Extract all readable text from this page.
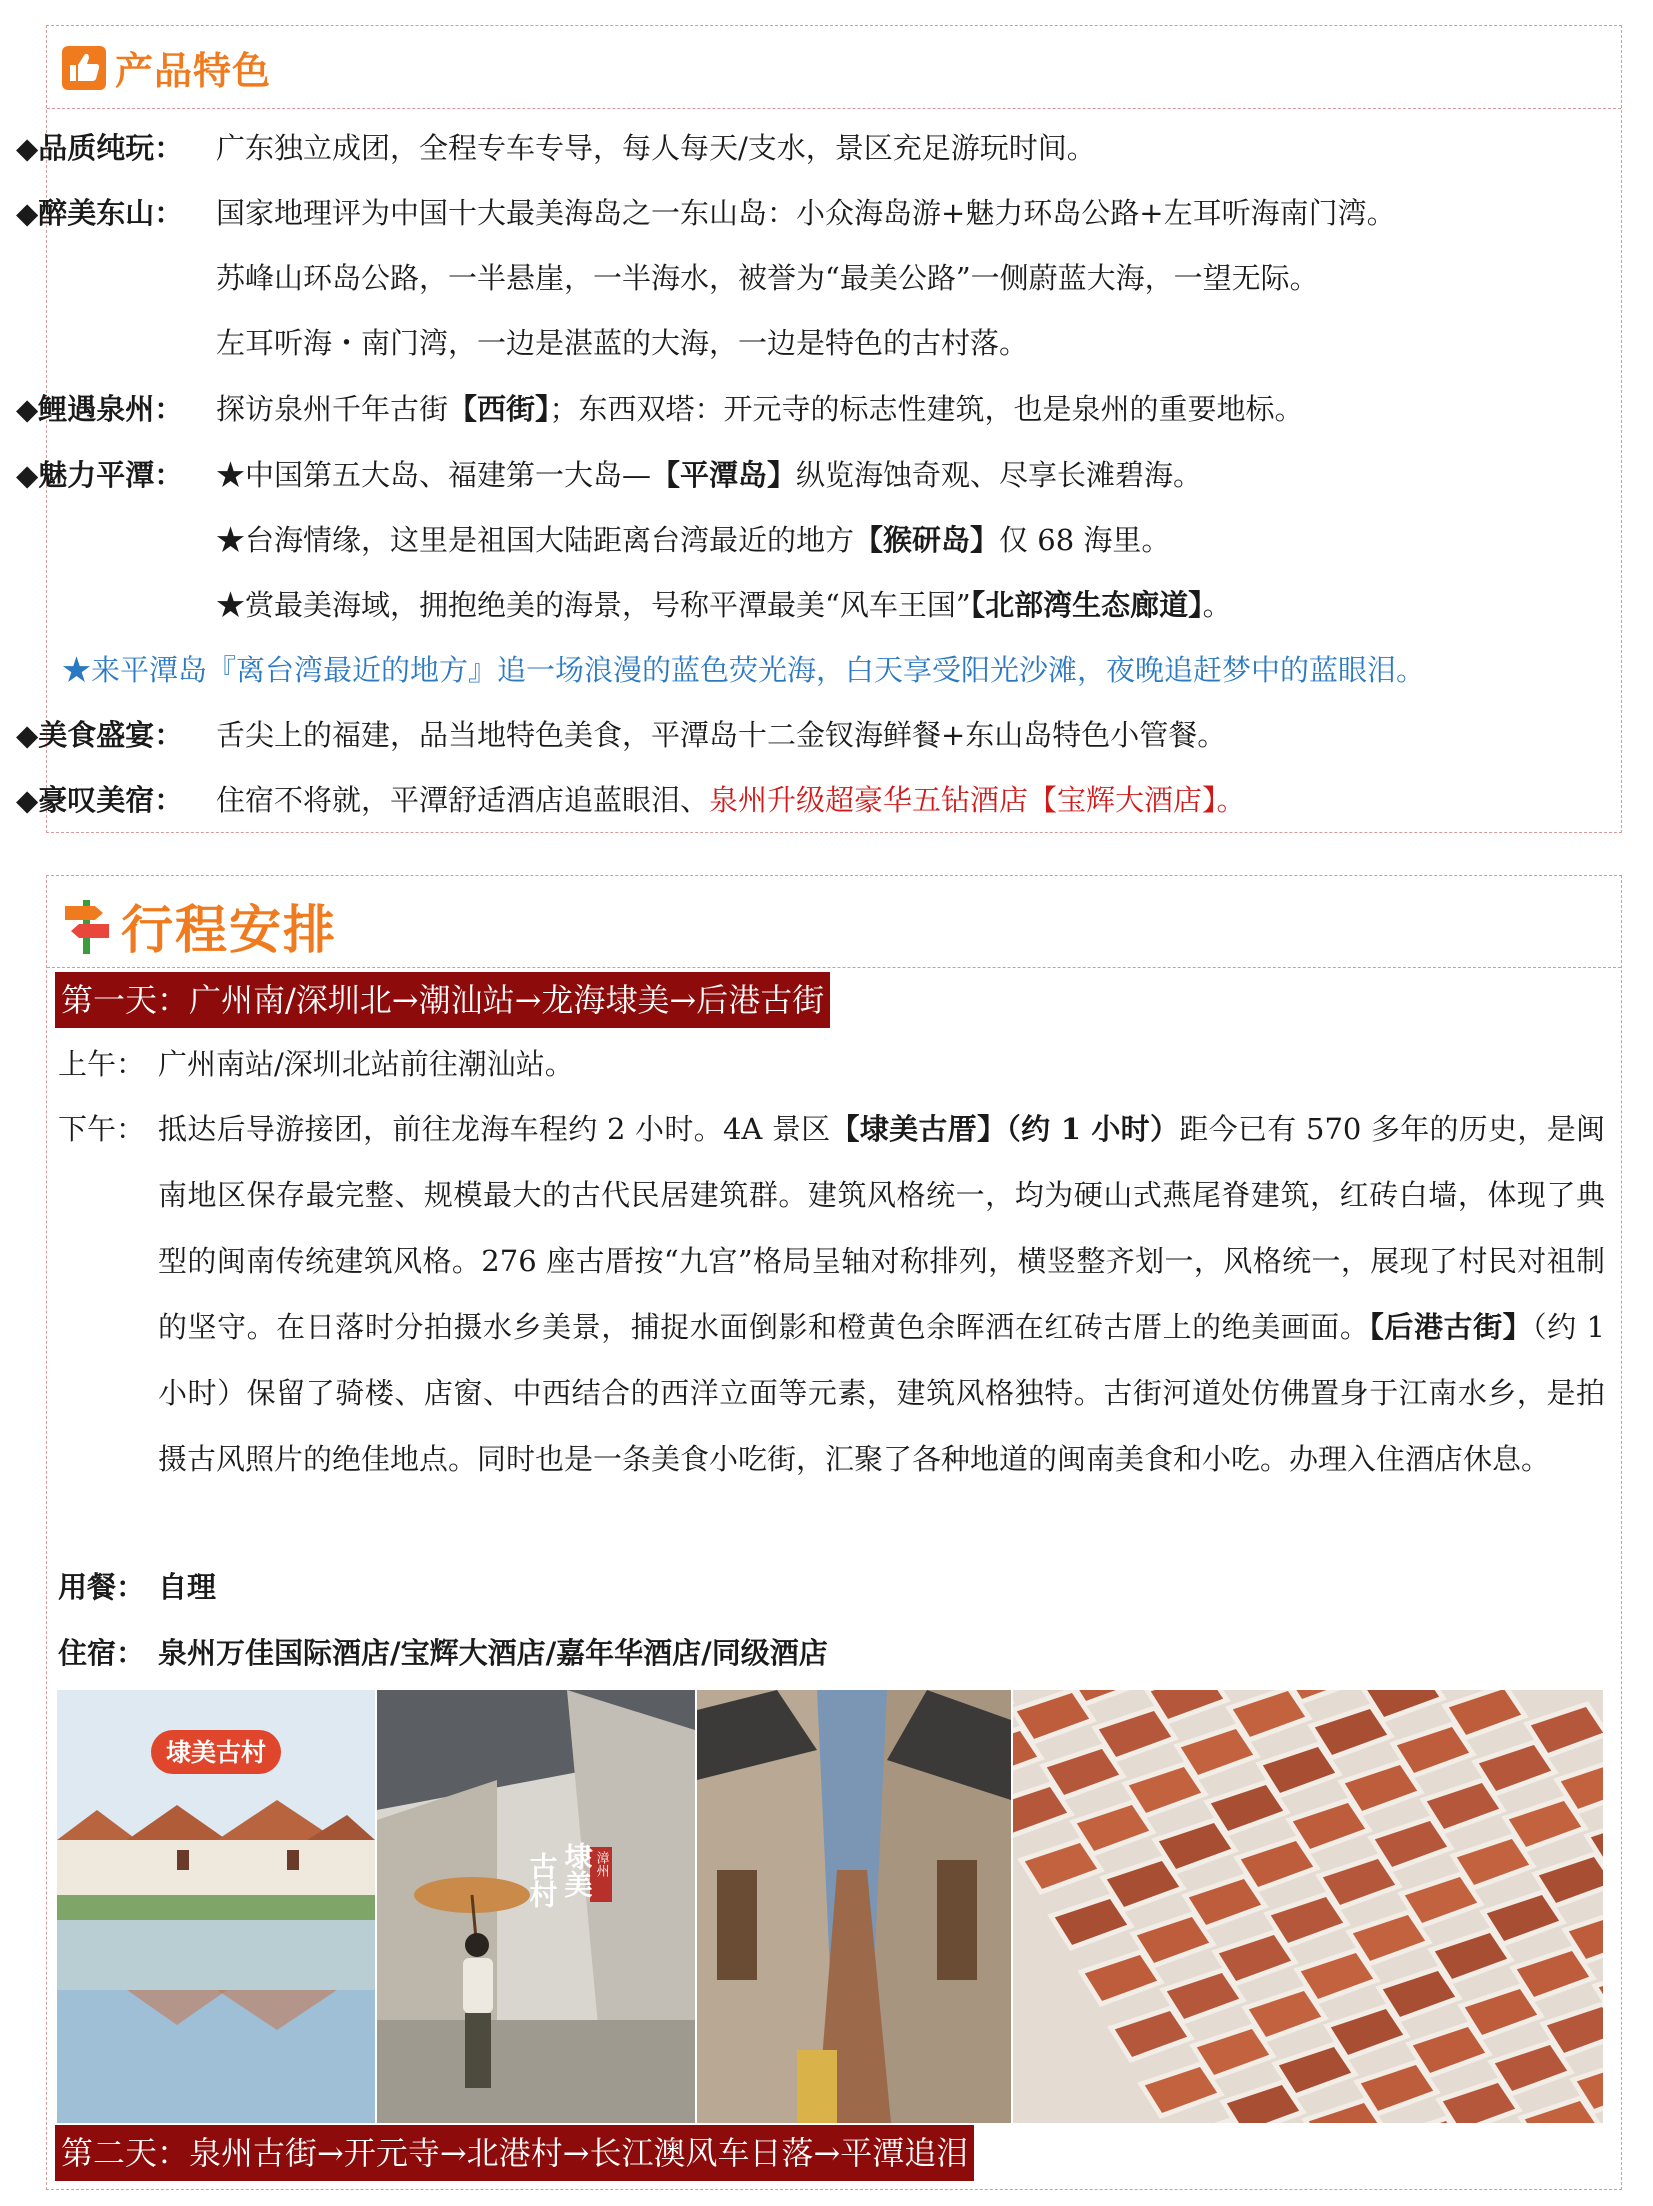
产品特色
◆品质纯玩：	广东独立成团，全程专车专导，每人每天/支水，景区充足游玩时间。
◆醉美东山：	国家地理评为中国十大最美海岛之一东山岛：小众海岛游+魅力环岛公路+左耳听海南门湾。
苏峰山环岛公路，一半悬崖，一半海水，被誉为“最美公路”一侧蔚蓝大海，一望无际。
左耳听海・南门湾，一边是湛蓝的大海，一边是特色的古村落。
◆鲤遇泉州：	探访泉州千年古街【西街】；东西双塔：开元寺的标志性建筑，也是泉州的重要地标。
◆魅力平潭：	★中国第五大岛、福建第一大岛—【平潭岛】纵览海蚀奇观、尽享长滩碧海。
★台海情缘，这里是祖国大陆距离台湾最近的地方【猴研岛】仅 68 海里。
★赏最美海域，拥抱绝美的海景，号称平潭最美“风车王国”【北部湾生态廊道】。
★来平潭岛『离台湾最近的地方』追一场浪漫的蓝色荧光海，白天享受阳光沙滩，夜晚追赶梦中的蓝眼泪。
◆美食盛宴：	舌尖上的福建，品当地特色美食，平潭岛十二金钗海鲜餐+东山岛特色小管餐。
◆豪叹美宿：	住宿不将就，平潭舒适酒店追蓝眼泪、泉州升级超豪华五钻酒店【宝辉大酒店】。
行程安排
第一天：广州南/深圳北→潮汕站→龙海埭美→后港古街
上午： 广州南站/深圳北站前往潮汕站。
下午： 抵达后导游接团，前往龙海车程约 2 小时。4A 景区【埭美古厝】（约 1 小时）距今已有 570 多年的历史，是闽南地区保存最完整、规模最大的古代民居建筑群。建筑风格统一，均为硬山式燕尾脊建筑，红砖白墙，体现了典型的闽南传统建筑风格。276 座古厝按“九宫”格局呈轴对称排列，横竖整齐划一，风格统一，展现了村民对祖制的坚守。在日落时分拍摄水乡美景，捕捉水面倒影和橙黄色余晖洒在红砖古厝上的绝美画面。【后港古街】（约 1 小时）保留了骑楼、店窗、中西结合的西洋立面等元素，建筑风格独特。古街河道处仿佛置身于江南水乡，是拍摄古风照片的绝佳地点。同时也是一条美食小吃街，汇聚了各种地道的闽南美食和小吃。办理入住酒店休息。
用餐： 自理
住宿： 泉州万佳国际酒店/宝辉大酒店/嘉年华酒店/同级酒店
埭美古村
漳州
埭美
古村
第二天：泉州古街→开元寺→北港村→长江澳风车日落→平潭追泪
